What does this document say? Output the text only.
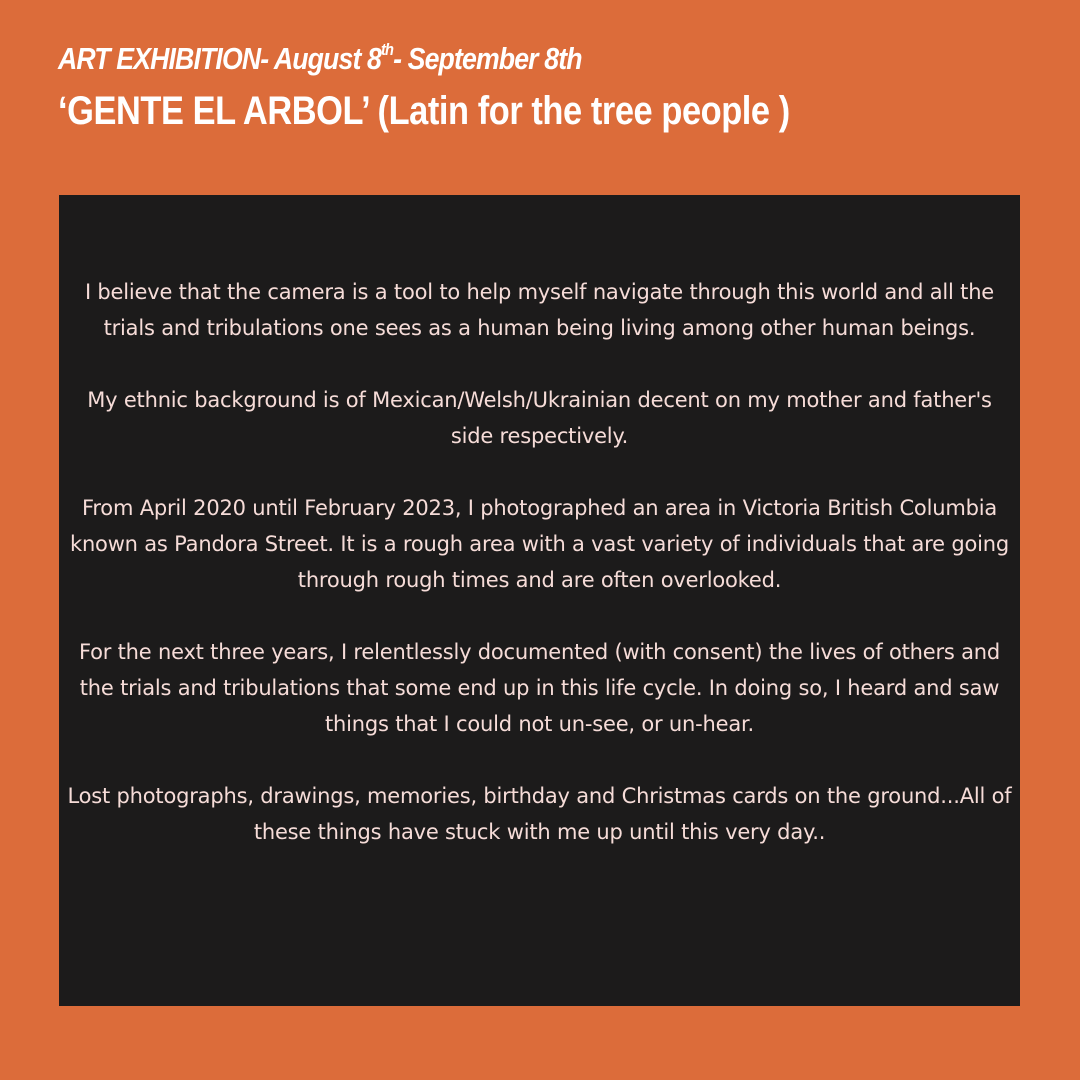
ART EXHIBITION- August 8th- September 8th
‘GENTE EL ARBOL’ (Latin for the tree people )

I believe that the camera is a tool to help myself navigate through this world and all the trials and tribulations one sees as a human being living among other human beings.

My ethnic background is of Mexican/Welsh/Ukrainian decent on my mother and father's side respectively.

From April 2020 until February 2023, I photographed an area in Victoria British Columbia known as Pandora Street. It is a rough area with a vast variety of individuals that are going through rough times and are often overlooked.

For the next three years, I relentlessly documented (with consent) the lives of others and the trials and tribulations that some end up in this life cycle. In doing so, I heard and saw things that I could not un-see, or un-hear.

Lost photographs, drawings, memories, birthday and Christmas cards on the ground...All of these things have stuck with me up until this very day..
